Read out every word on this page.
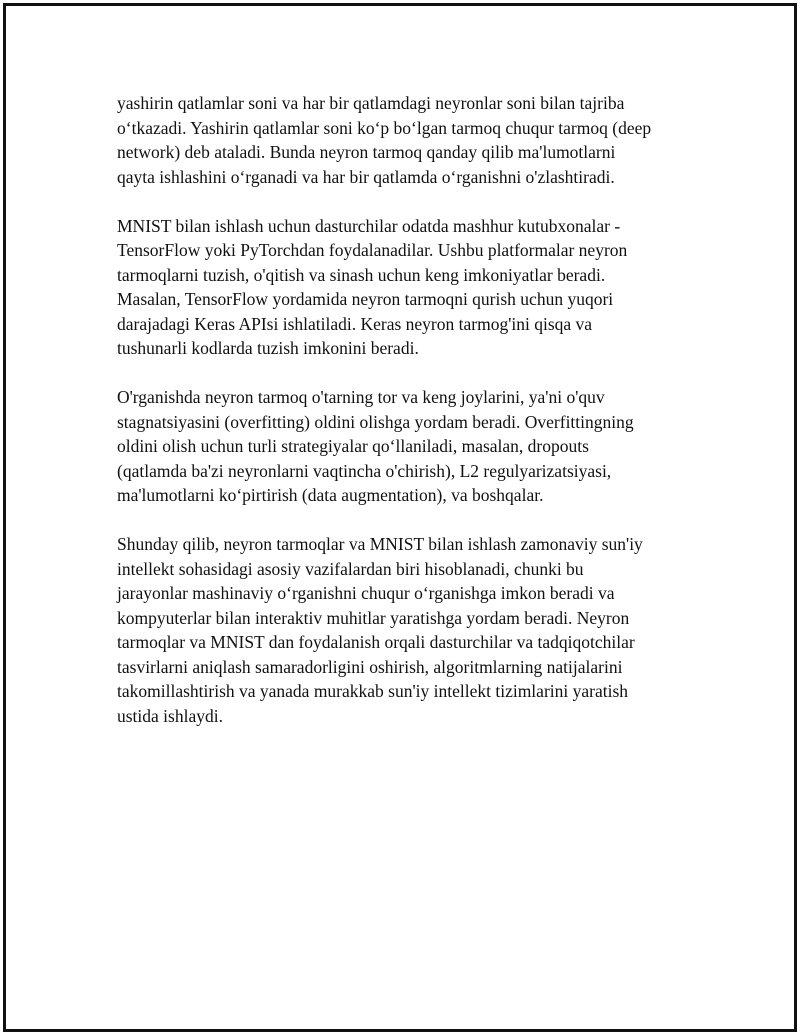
yashirin qatlamlar soni va har bir qatlamdagi neyronlar soni bilan tajriba
o‘tkazadi. Yashirin qatlamlar soni ko‘p bo‘lgan tarmoq chuqur tarmoq (deep
network) deb ataladi. Bunda neyron tarmoq qanday qilib ma'lumotlarni
qayta ishlashini o‘rganadi va har bir qatlamda o‘rganishni o'zlashtiradi.

MNIST bilan ishlash uchun dasturchilar odatda mashhur kutubxonalar -
TensorFlow yoki PyTorchdan foydalanadilar. Ushbu platformalar neyron
tarmoqlarni tuzish, o'qitish va sinash uchun keng imkoniyatlar beradi.
Masalan, TensorFlow yordamida neyron tarmoqni qurish uchun yuqori
darajadagi Keras APIsi ishlatiladi. Keras neyron tarmog'ini qisqa va
tushunarli kodlarda tuzish imkonini beradi.

O'rganishda neyron tarmoq o'tarning tor va keng joylarini, ya'ni o'quv
stagnatsiyasini (overfitting) oldini olishga yordam beradi. Overfittingning
oldini olish uchun turli strategiyalar qo‘llaniladi, masalan, dropouts
(qatlamda ba'zi neyronlarni vaqtincha o'chirish), L2 regulyarizatsiyasi,
ma'lumotlarni ko‘pirtirish (data augmentation), va boshqalar.

Shunday qilib, neyron tarmoqlar va MNIST bilan ishlash zamonaviy sun'iy
intellekt sohasidagi asosiy vazifalardan biri hisoblanadi, chunki bu
jarayonlar mashinaviy o‘rganishni chuqur o‘rganishga imkon beradi va
kompyuterlar bilan interaktiv muhitlar yaratishga yordam beradi. Neyron
tarmoqlar va MNIST dan foydalanish orqali dasturchilar va tadqiqotchilar
tasvirlarni aniqlash samaradorligini oshirish, algoritmlarning natijalarini
takomillashtirish va yanada murakkab sun'iy intellekt tizimlarini yaratish
ustida ishlaydi.
